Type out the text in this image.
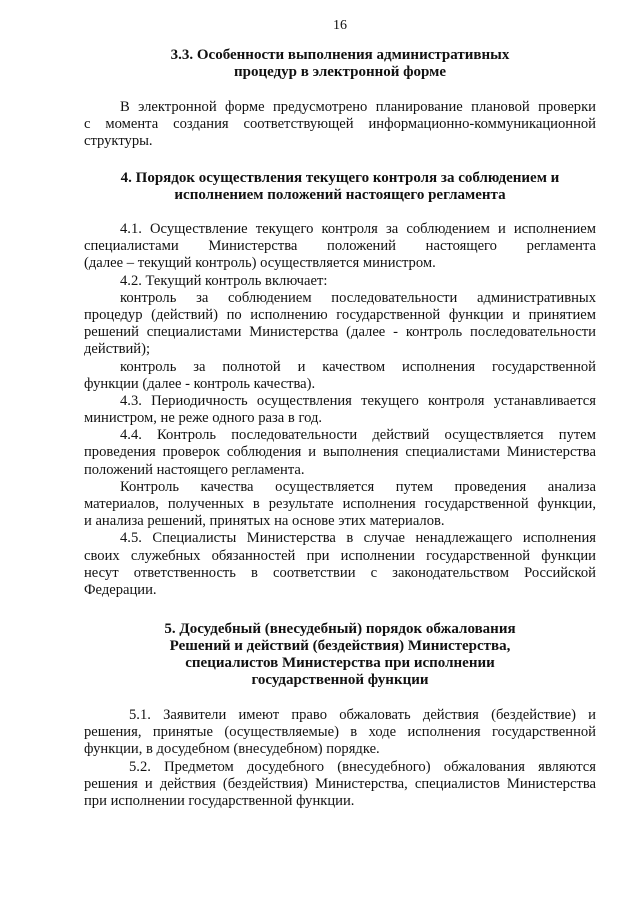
16
3.3. Особенности выполнения административных
процедур в электронной форме
В электронной форме предусмотрено планирование плановой проверки
с момента создания соответствующей информационно-коммуникационной
структуры.
4. Порядок осуществления текущего контроля за соблюдением и
исполнением положений настоящего регламента
4.1. Осуществление текущего контроля за соблюдением и исполнением
специалистами Министерства положений настоящего регламента
(далее – текущий контроль) осуществляется министром.
4.2. Текущий контроль включает:
контроль за соблюдением последовательности административных
процедур (действий) по исполнению государственной функции и принятием
решений специалистами Министерства (далее - контроль последовательности
действий);
контроль за полнотой и качеством исполнения государственной
функции (далее - контроль качества).
4.3. Периодичность осуществления текущего контроля устанавливается
министром, не реже одного раза в год.
4.4. Контроль последовательности действий осуществляется путем
проведения проверок соблюдения и выполнения специалистами Министерства
положений настоящего регламента.
Контроль качества осуществляется путем проведения анализа
материалов, полученных в результате исполнения государственной функции,
и анализа решений, принятых на основе этих материалов.
4.5. Специалисты Министерства в случае ненадлежащего исполнения
своих служебных обязанностей при исполнении государственной функции
несут ответственность в соответствии с законодательством Российской
Федерации.
5. Досудебный (внесудебный) порядок обжалования
Решений и действий (бездействия) Министерства,
специалистов Министерства при исполнении
государственной функции
5.1. Заявители имеют право обжаловать действия (бездействие) и
решения, принятые (осуществляемые) в ходе исполнения государственной
функции, в досудебном (внесудебном) порядке.
5.2. Предметом досудебного (внесудебного) обжалования являются
решения и действия (бездействия) Министерства, специалистов Министерства
при исполнении государственной функции.
